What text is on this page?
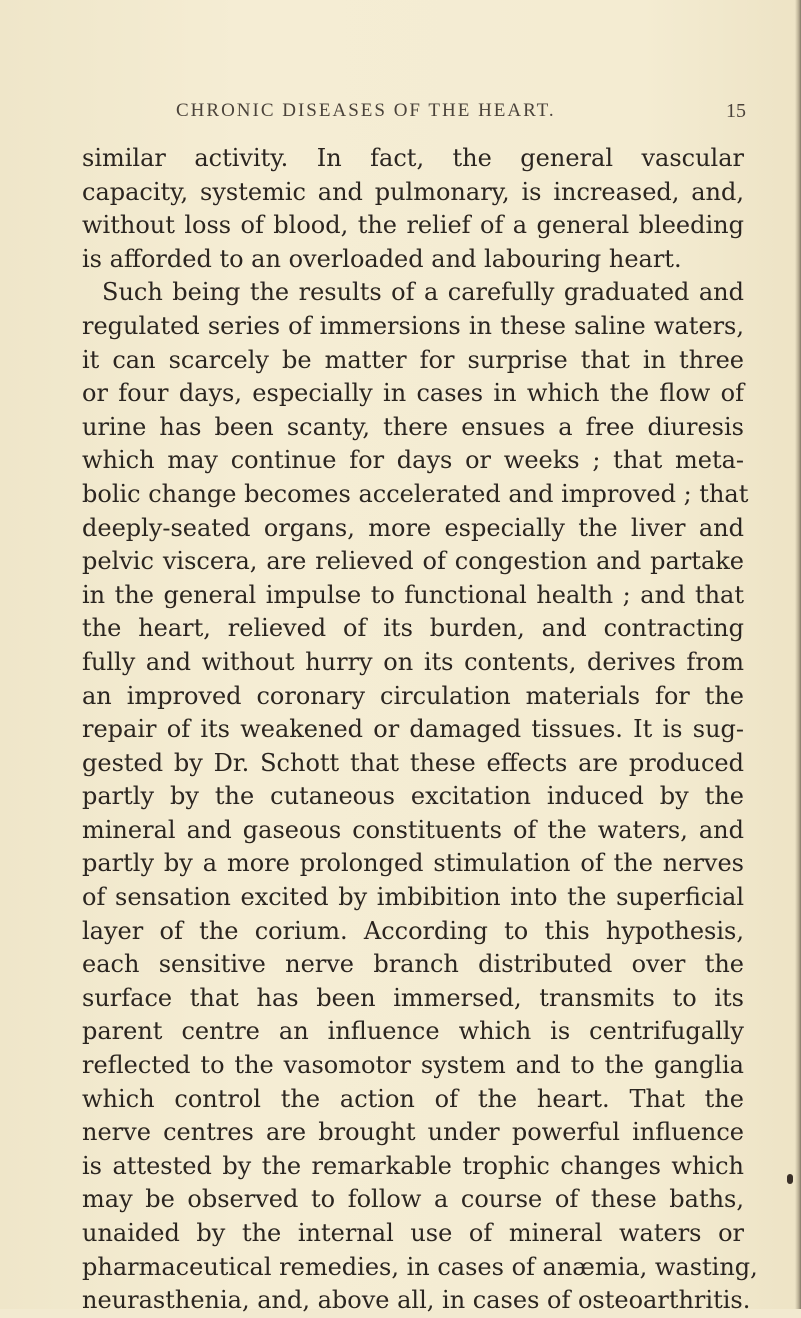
CHRONIC DISEASES OF THE HEART.	15
similar activity. In fact, the general vascular
capacity, systemic and pulmonary, is increased, and,
without loss of blood, the relief of a general bleeding
is afforded to an overloaded and labouring heart.
Such being the results of a carefully graduated and
regulated series of immersions in these saline waters,
it can scarcely be matter for surprise that in three
or four days, especially in cases in which the flow of
urine has been scanty, there ensues a free diuresis
which may continue for days or weeks ; that meta-
bolic change becomes accelerated and improved ; that
deeply-seated organs, more especially the liver and
pelvic viscera, are relieved of congestion and partake
in the general impulse to functional health ; and that
the heart, relieved of its burden, and contracting
fully and without hurry on its contents, derives from
an improved coronary circulation materials for the
repair of its weakened or damaged tissues. It is sug-
gested by Dr. Schott that these effects are produced
partly by the cutaneous excitation induced by the
mineral and gaseous constituents of the waters, and
partly by a more prolonged stimulation of the nerves
of sensation excited by imbibition into the superficial
layer of the corium. According to this hypothesis,
each sensitive nerve branch distributed over the
surface that has been immersed, transmits to its
parent centre an influence which is centrifugally
reflected to the vasomotor system and to the ganglia
which control the action of the heart. That the
nerve centres are brought under powerful influence
is attested by the remarkable trophic changes which
may be observed to follow a course of these baths,
unaided by the internal use of mineral waters or
pharmaceutical remedies, in cases of anæmia, wasting,
neurasthenia, and, above all, in cases of osteoarthritis.
